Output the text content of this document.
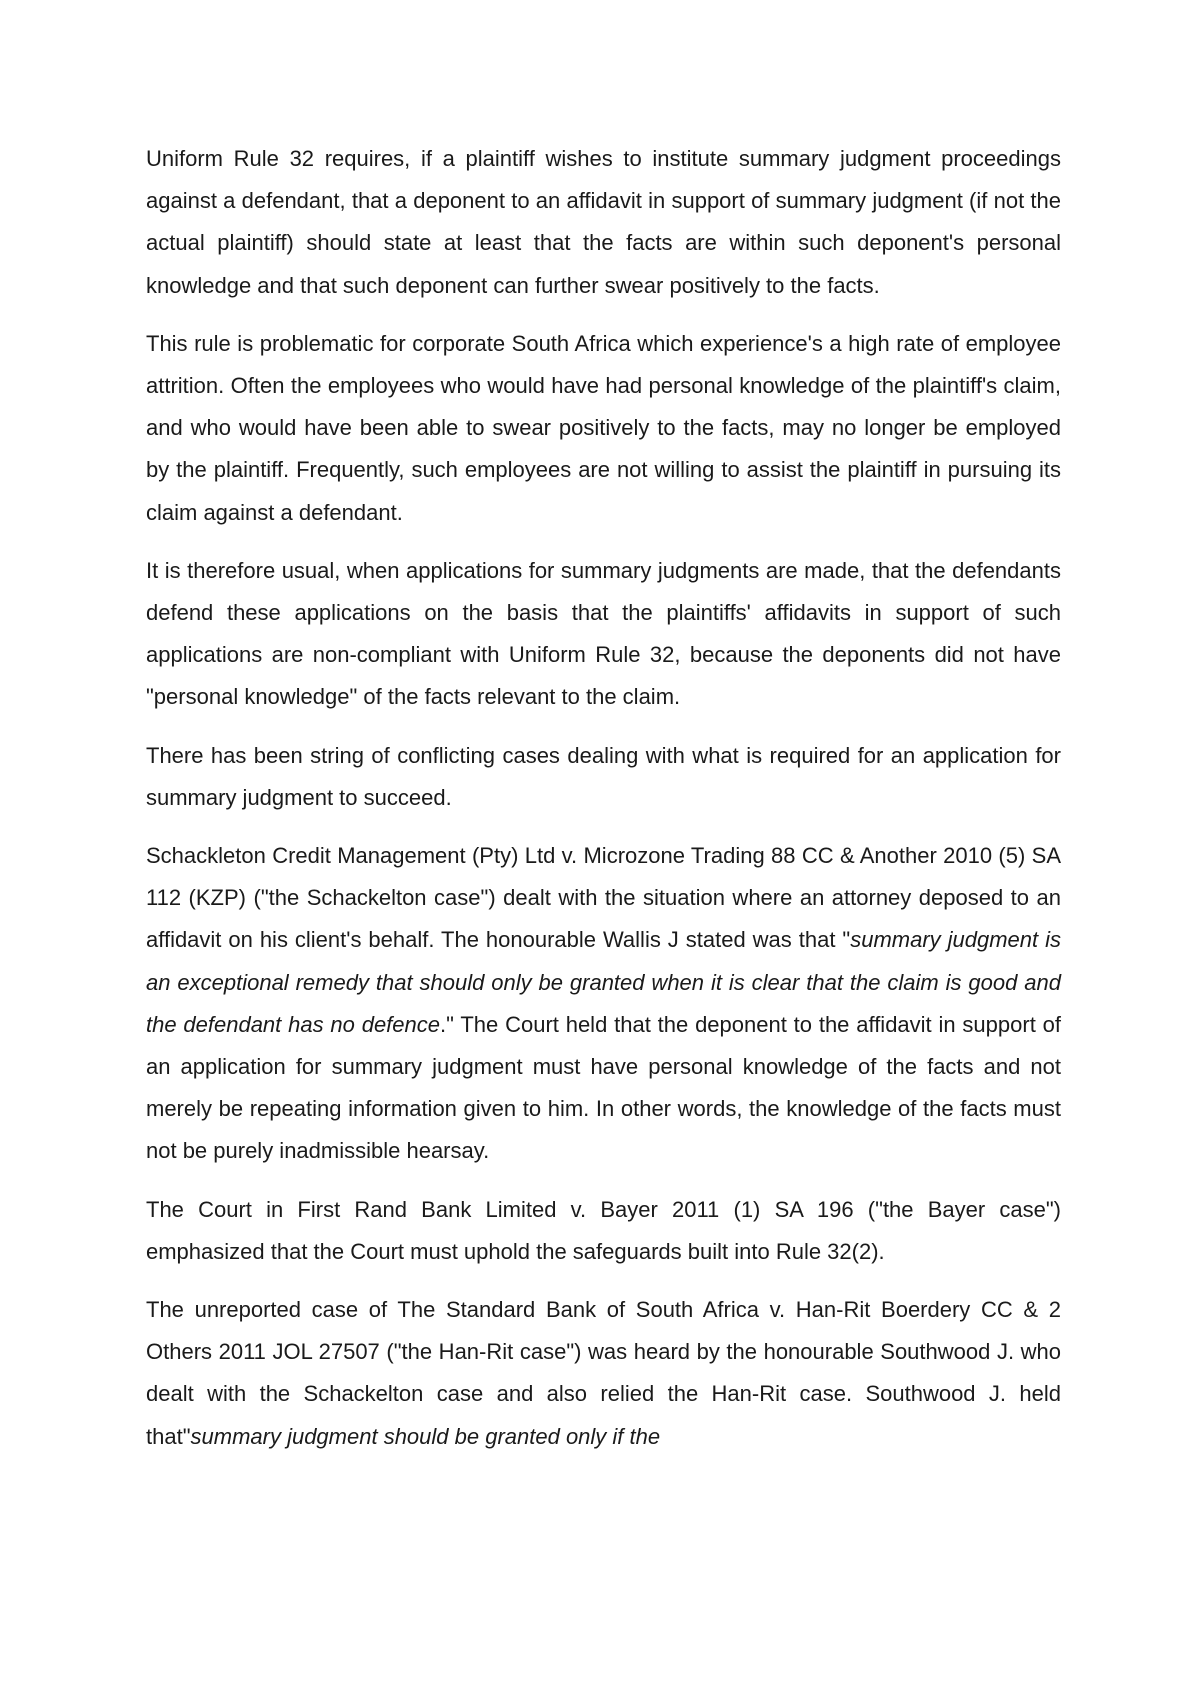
Uniform Rule 32 requires, if a plaintiff wishes to institute summary judgment proceedings against a defendant, that a deponent to an affidavit in support of summary judgment (if not the actual plaintiff) should state at least that the facts are within such deponent's personal knowledge and that such deponent can further swear positively to the facts.

This rule is problematic for corporate South Africa which experience's a high rate of employee attrition. Often the employees who would have had personal knowledge of the plaintiff's claim, and who would have been able to swear positively to the facts, may no longer be employed by the plaintiff. Frequently, such employees are not willing to assist the plaintiff in pursuing its claim against a defendant.

It is therefore usual, when applications for summary judgments are made, that the defendants defend these applications on the basis that the plaintiffs' affidavits in support of such applications are non-compliant with Uniform Rule 32, because the deponents did not have "personal knowledge" of the facts relevant to the claim.

There has been string of conflicting cases dealing with what is required for an application for summary judgment to succeed.

Schackleton Credit Management (Pty) Ltd v. Microzone Trading 88 CC & Another 2010 (5) SA 112 (KZP) ("the Schackelton case") dealt with the situation where an attorney deposed to an affidavit on his client's behalf. The honourable Wallis J stated was that "summary judgment is an exceptional remedy that should only be granted when it is clear that the claim is good and the defendant has no defence." The Court held that the deponent to the affidavit in support of an application for summary judgment must have personal knowledge of the facts and not merely be repeating information given to him. In other words, the knowledge of the facts must not be purely inadmissible hearsay.

The Court in First Rand Bank Limited v. Bayer 2011 (1) SA 196 ("the Bayer case") emphasized that the Court must uphold the safeguards built into Rule 32(2).

The unreported case of The Standard Bank of South Africa v. Han-Rit Boerdery CC & 2 Others 2011 JOL 27507 ("the Han-Rit case") was heard by the honourable Southwood J. who dealt with the Schackelton case and also relied the Han-Rit case. Southwood J. held that"summary judgment should be granted only if the
